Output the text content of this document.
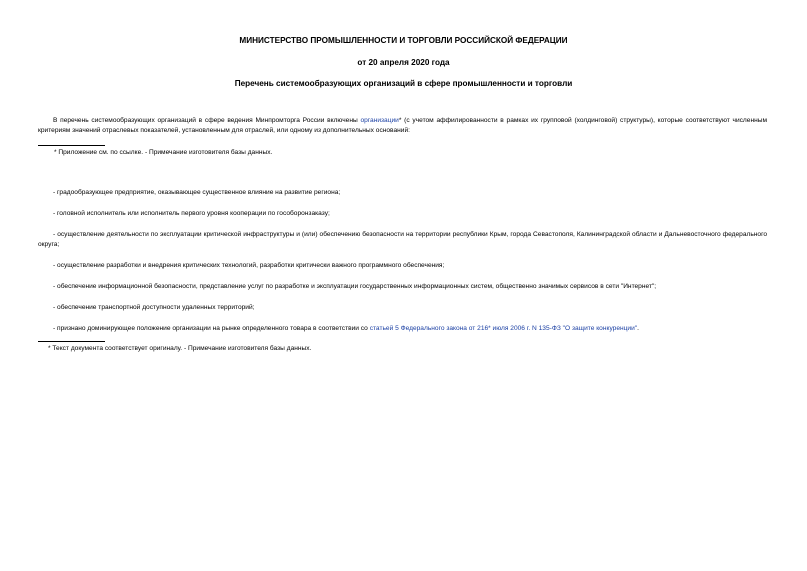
МИНИСТЕРСТВО ПРОМЫШЛЕННОСТИ И ТОРГОВЛИ РОССИЙСКОЙ ФЕДЕРАЦИИ
от 20 апреля 2020 года
Перечень системообразующих организаций в сфере промышленности и торговли
В перечень системообразующих организаций в сфере ведения Минпромторга России включены организации* (с учетом аффилированности в рамках их групповой (холдинговой) структуры), которые соответствуют численным критериям значений отраслевых показателей, установленным для отраслей, или одному из дополнительных оснований:
* Приложение см. по ссылке. - Примечание изготовителя базы данных.
- градообразующее предприятие, оказывающее существенное влияние на развитие региона;
- головной исполнитель или исполнитель первого уровня кооперации по гособоронзаказу;
- осуществление деятельности по эксплуатации критической инфраструктуры и (или) обеспечению безопасности на территории республики Крым, города Севастополя, Калининградской области и Дальневосточного федерального округа;
- осуществление разработки и внедрения критических технологий, разработки критически важного программного обеспечения;
- обеспечение информационной безопасности, представление услуг по разработке и эксплуатации государственных информационных систем, общественно значимых сервисов в сети "Интернет";
- обеспечение транспортной доступности удаленных территорий;
- признано доминирующее положение организации на рынке определенного товара в соответствии со статьей 5 Федерального закона от 216* июля 2006 г. N 135-ФЗ "О защите конкуренции".
* Текст документа соответствует оригиналу. - Примечание изготовителя базы данных.
